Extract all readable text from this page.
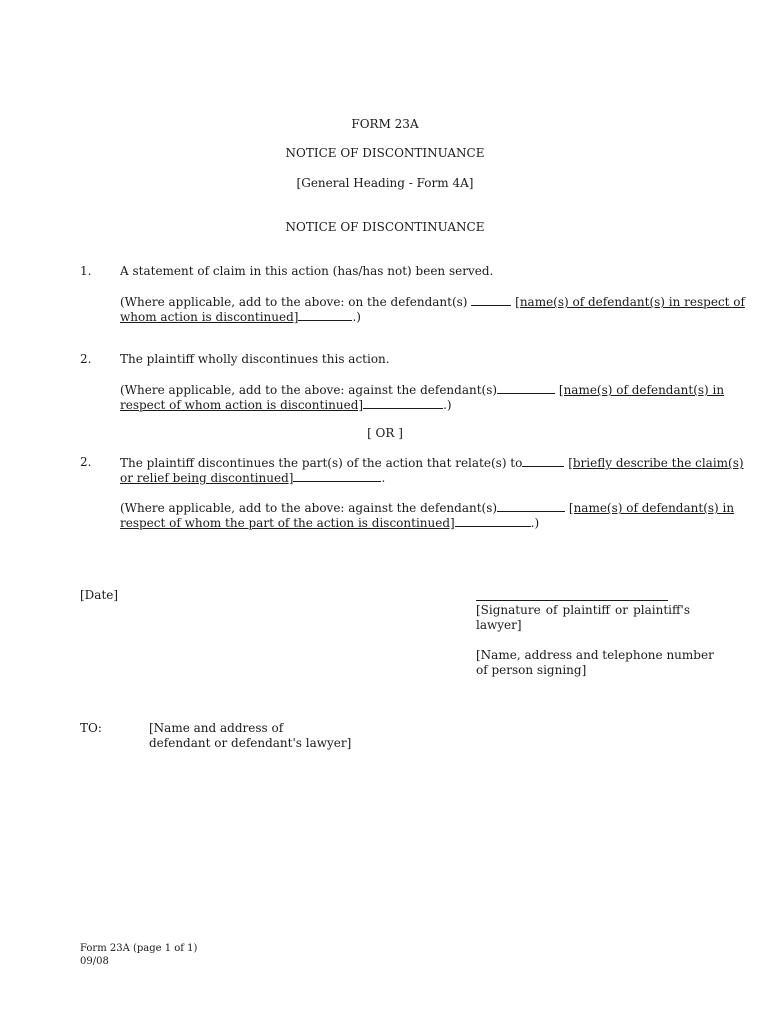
FORM 23A
NOTICE OF DISCONTINUANCE
[General Heading - Form 4A]
NOTICE OF DISCONTINUANCE
1. A statement of claim in this action (has/has not) been served.
(Where applicable, add to the above: on the defendant(s)	[name(s) of defendant(s) in respect of
whom action is discontinued]	.)
2. The plaintiff wholly discontinues this action.
(Where applicable, add to the above: against the defendant(s)	[name(s) of defendant(s) in
respect of whom action is discontinued]	.)
[ OR ]
2. The plaintiff discontinues the part(s) of the action that relate(s) to	[briefly describe the claim(s)
or relief being discontinued]	.
(Where applicable, add to the above: against the defendant(s)	[name(s) of defendant(s) in
respect of whom the part of the action is discontinued]	.)
[Date]
[Signature of plaintiff or plaintiff's
lawyer]
[Name, address and telephone number
of person signing]
TO:	[Name and address of
defendant or defendant's lawyer]
Form 23A (page 1 of 1)
09/08
